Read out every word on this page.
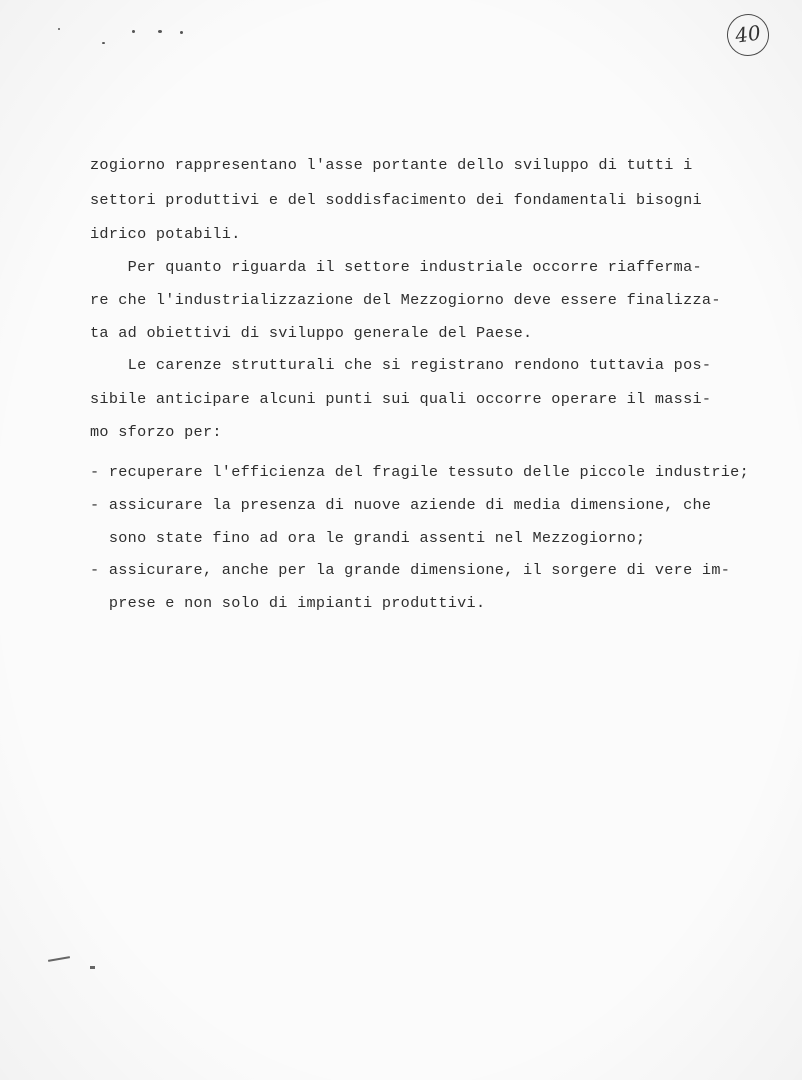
40
zogiorno rappresentano l'asse portante dello sviluppo di tutti i
settori produttivi e del soddisfacimento dei fondamentali bisogni
idrico potabili.
Per quanto riguarda il settore industriale occorre riafferma-
re che l'industrializzazione del Mezzogiorno deve essere finalizza-
ta ad obiettivi di sviluppo generale del Paese.
Le carenze strutturali che si registrano rendono tuttavia pos-
sibile anticipare alcuni punti sui quali occorre operare il massi-
mo sforzo per:
- recuperare l'efficienza del fragile tessuto delle piccole industrie;
- assicurare la presenza di nuove aziende di media dimensione, che
sono state fino ad ora le grandi assenti nel Mezzogiorno;
- assicurare, anche per la grande dimensione, il sorgere di vere im-
prese e non solo di impianti produttivi.
